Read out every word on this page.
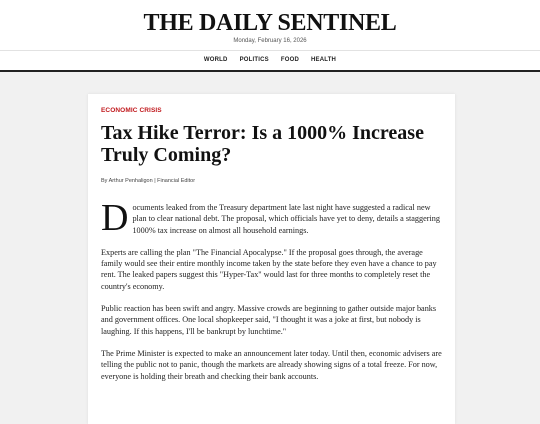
THE DAILY SENTINEL
Monday, February 16, 2026
WORLD POLITICS FOOD HEALTH
ECONOMIC CRISIS
Tax Hike Terror: Is a 1000% Increase Truly Coming?
By Arthur Penhaligon | Financial Editor

Documents leaked from the Treasury department late last night have suggested a radical new plan to clear national debt. The proposal, which officials have yet to deny, details a staggering 1000% tax increase on almost all household earnings.

Experts are calling the plan "The Financial Apocalypse." If the proposal goes through, the average family would see their entire monthly income taken by the state before they even have a chance to pay rent. The leaked papers suggest this "Hyper-Tax" would last for three months to completely reset the country's economy.

Public reaction has been swift and angry. Massive crowds are beginning to gather outside major banks and government offices. One local shopkeeper said, "I thought it was a joke at first, but nobody is laughing. If this happens, I'll be bankrupt by lunchtime."

The Prime Minister is expected to make an announcement later today. Until then, economic advisers are telling the public not to panic, though the markets are already showing signs of a total freeze. For now, everyone is holding their breath and checking their bank accounts.
